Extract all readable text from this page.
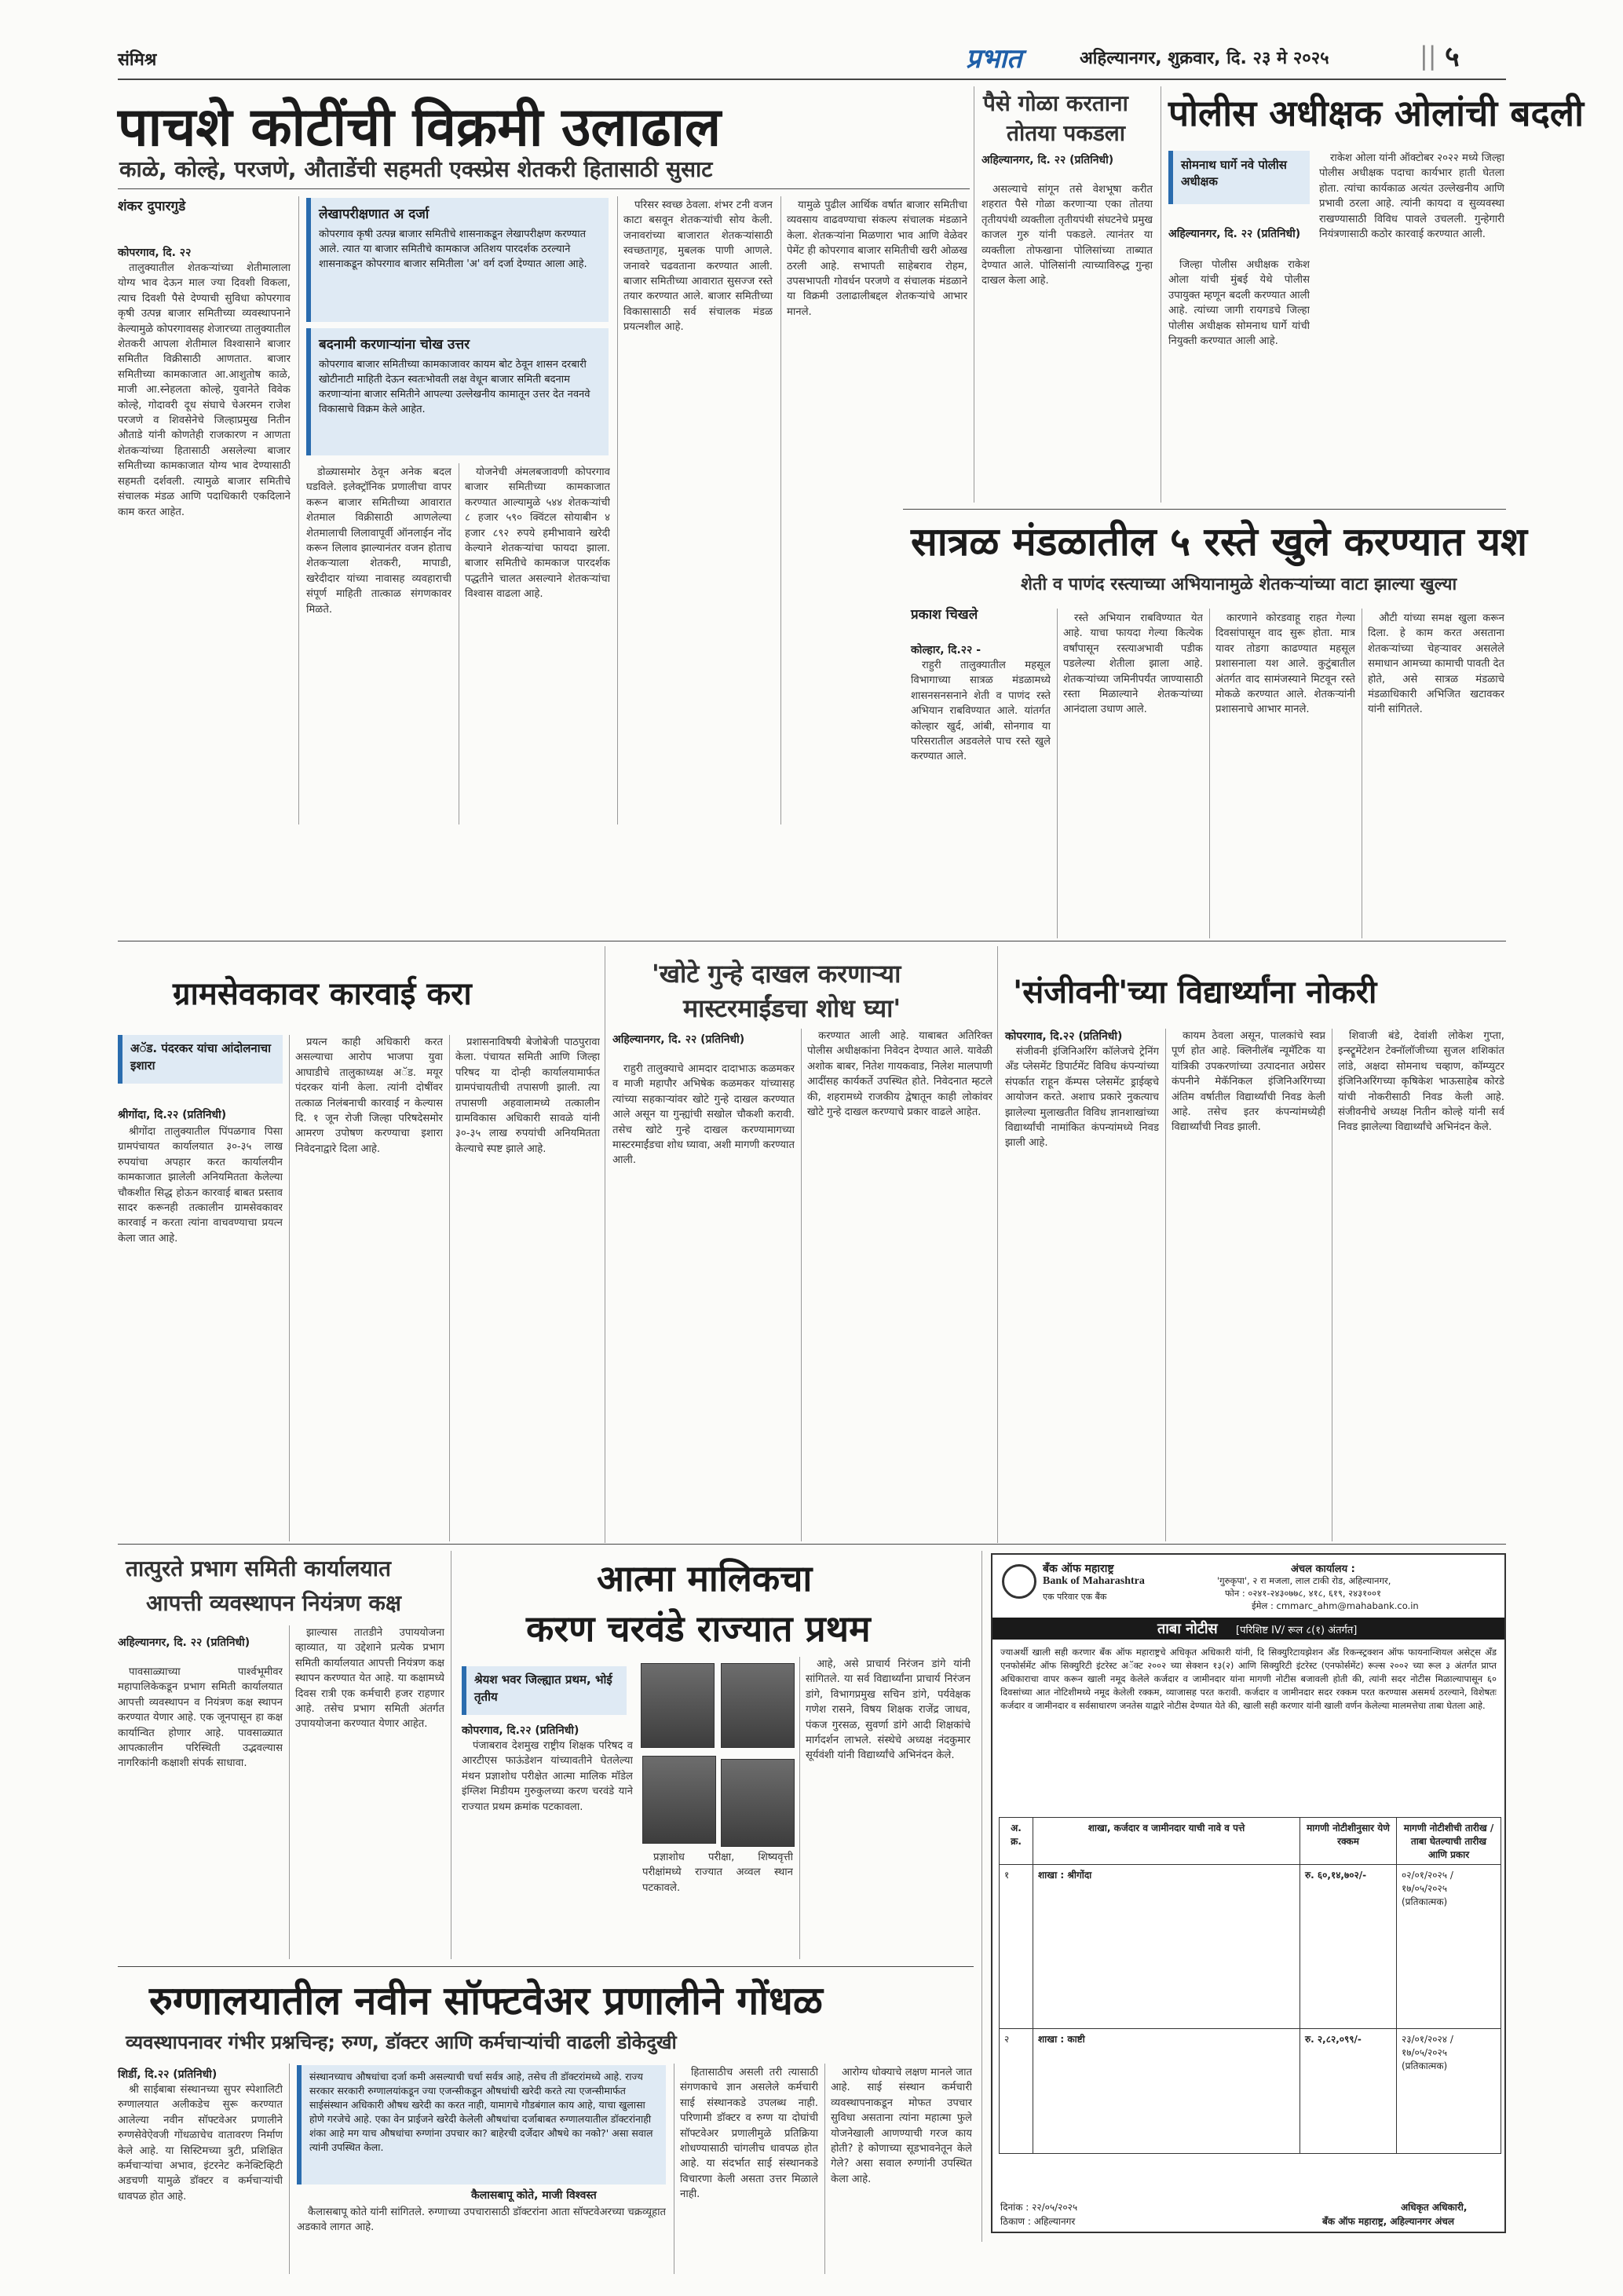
संमिश्र	प्रभात	अहिल्यानगर, शुक्रवार, दि. २३ मे २०२५	|| ५
पाचशे कोटींची विक्रमी उलाढाल
काळे, कोल्हे, परजणे, औताडेंची सहमती एक्स्प्रेस शेतकरी हितासाठी सुसाट
शंकर दुपारगुडे
कोपरगाव, दि. २२

तालुक्यातील शेतकऱ्यांच्या शेतीमालाला योग्य भाव देऊन माल ज्या दिवशी विकला, त्याच दिवशी पैसे देण्याची सुविधा कोपरगाव कृषी उत्पन्न बाजार समितीच्या व्यवस्थापनाने केल्यामुळे कोपरगावसह शेजारच्या तालुक्यातील शेतकरी आपला शेतीमाल विश्वासाने बाजार समितीत विक्रीसाठी आणतात. बाजार समितीच्या कामकाजात आ.आशुतोष काळे, माजी आ.स्नेहलता कोल्हे, युवानेते विवेक कोल्हे, गोदावरी दूध संघाचे चेअरमन राजेश परजणे व शिवसेनेचे जिल्हाप्रमुख नितीन औताडे यांनी कोणतेही राजकारण न आणता शेतकऱ्यांच्या हितासाठी असलेल्या बाजार समितीच्या कामकाजात योग्य भाव देण्यासाठी सहमती दर्शवली. त्यामुळे बाजार समितीचे संचालक मंडळ आणि पदाधिकारी एकदिलाने काम करत आहेत.

लेखापरीक्षणात अ दर्जा
कोपरगाव कृषी उत्पन्न बाजार समितीचे शासनाकडून लेखापरीक्षण करण्यात आले. त्यात या बाजार समितीचे कामकाज अतिशय पारदर्शक ठरल्याने शासनाकडून कोपरगाव बाजार समितीला 'अ' वर्ग दर्जा देण्यात आला आहे.
बदनामी करणाऱ्यांना चोख उत्तर
कोपरगाव बाजार समितीच्या कामकाजावर कायम बोट ठेवून शासन दरबारी खोटीनाटी माहिती देऊन स्वतःभोवती लक्ष वेधून बाजार समिती बदनाम करणाऱ्यांना बाजार समितीने आपल्या उल्लेखनीय कामातून उत्तर देत नवनवे विकासाचे विक्रम केले आहेत.

डोळ्यासमोर ठेवून अनेक बदल घडविले. इलेक्ट्रॉनिक प्रणालीचा वापर करून बाजार समितीच्या आवारात शेतमाल विक्रीसाठी आणलेल्या शेतमालाची लिलावापूर्वी ऑनलाईन नोंद करून लिलाव झाल्यानंतर वजन होताच शेतकऱ्याला शेतकरी, मापाडी, खरेदीदार यांच्या नावासह व्यवहाराची संपूर्ण माहिती तात्काळ संगणकावर मिळते.

योजनेची अंमलबजावणी कोपरगाव बाजार समितीच्या कामकाजात करण्यात आल्यामुळे ५४४ शेतकऱ्यांची ८ हजार ५९० क्विंटल सोयाबीन ४ हजार ८९२ रुपये हमीभावाने खरेदी केल्याने शेतकऱ्यांचा फायदा झाला. बाजार समितीचे कामकाज पारदर्शक पद्धतीने चालत असल्याने शेतकऱ्यांचा विश्वास वाढला आहे.

परिसर स्वच्छ ठेवला. शंभर टनी वजन काटा बसवून शेतकऱ्यांची सोय केली. जनावरांच्या बाजारात शेतकऱ्यांसाठी स्वच्छतागृह, मुबलक पाणी आणले. जनावरे चढवताना करण्यात आली. बाजार समितीच्या आवारात सुसज्ज रस्ते तयार करण्यात आले. बाजार समितीच्या विकासासाठी सर्व संचालक मंडळ प्रयत्नशील आहे.

यामुळे पुढील आर्थिक वर्षात बाजार समितीचा व्यवसाय वाढवण्याचा संकल्प संचालक मंडळाने केला. शेतकऱ्यांना मिळणारा भाव आणि वेळेवर पेमेंट ही कोपरगाव बाजार समितीची खरी ओळख ठरली आहे. सभापती साहेबराव रोहम, उपसभापती गोवर्धन परजणे व संचालक मंडळाने या विक्रमी उलाढालीबद्दल शेतकऱ्यांचे आभार मानले.

पैसे गोळा करताना
तोतया पकडला
अहिल्यानगर, दि. २२ (प्रतिनिधी)

असल्याचे सांगून तसे वेशभूषा करीत शहरात पैसे गोळा करणाऱ्या एका तोतया तृतीयपंथी व्यक्तीला तृतीयपंथी संघटनेचे प्रमुख काजल गुरु यांनी पकडले. त्यानंतर या व्यक्तीला तोफखाना पोलिसांच्या ताब्यात देण्यात आले. पोलिसांनी त्याच्याविरुद्ध गुन्हा दाखल केला आहे.

पोलीस अधीक्षक ओलांची बदली
सोमनाथ घार्गे नवे पोलीस अधीक्षक
अहिल्यानगर, दि. २२ (प्रतिनिधी)

जिल्हा पोलीस अधीक्षक राकेश ओला यांची मुंबई येथे पोलीस उपायुक्त म्हणून बदली करण्यात आली आहे. त्यांच्या जागी रायगडचे जिल्हा पोलीस अधीक्षक सोमनाथ घार्गे यांची नियुक्ती करण्यात आली आहे.

राकेश ओला यांनी ऑक्टोबर २०२२ मध्ये जिल्हा पोलीस अधीक्षक पदाचा कार्यभार हाती घेतला होता. त्यांचा कार्यकाळ अत्यंत उल्लेखनीय आणि प्रभावी ठरला आहे. त्यांनी कायदा व सुव्यवस्था राखण्यासाठी विविध पावले उचलली. गुन्हेगारी नियंत्रणासाठी कठोर कारवाई करण्यात आली.

सात्रळ मंडळातील ५ रस्ते खुले करण्यात यश
शेती व पाणंद रस्त्याच्या अभियानामुळे शेतकऱ्यांच्या वाटा झाल्या खुल्या
प्रकाश चिखले
कोल्हार, दि.२२ -

राहुरी तालुक्यातील महसूल विभागाच्या सात्रळ मंडळामध्ये शासनसनसनाने शेती व पाणंद रस्ते अभियान राबविण्यात आले. यांतर्गत कोल्हार खुर्द, आंबी, सोनगाव या परिसरातील अडवलेले पाच रस्ते खुले करण्यात आले.

रस्ते अभियान राबविण्यात येत आहे. याचा फायदा गेल्या कित्येक वर्षांपासून रस्त्याअभावी पडीक पडलेल्या शेतीला झाला आहे. शेतकऱ्यांच्या जमिनीपर्यंत जाण्यासाठी रस्ता मिळाल्याने शेतकऱ्यांच्या आनंदाला उधाण आले.

कारणाने कोरडवाहू राहत गेल्या दिवसांपासून वाद सुरू होता. मात्र यावर तोडगा काढण्यात महसूल प्रशासनाला यश आले. कुटुंबातील अंतर्गत वाद सामंजस्याने मिटवून रस्ते मोकळे करण्यात आले. शेतकऱ्यांनी प्रशासनाचे आभार मानले.

औटी यांच्या समक्ष खुला करून दिला. हे काम करत असताना शेतकऱ्यांच्या चेहऱ्यावर असलेले समाधान आमच्या कामाची पावती देत होते, असे सात्रळ मंडळाचे मंडळाधिकारी अभिजित खटावकर यांनी सांगितले.

ग्रामसेवकावर कारवाई करा
'खोटे गुन्हे दाखल करणाऱ्या
मास्टरमाईंडचा शोध घ्या'	'संजीवनी'च्या विद्यार्थ्यांना नोकरी
अॅड. पंदरकर यांचा आंदोलनाचा इशारा
श्रीगोंदा, दि.२२ (प्रतिनिधी)

श्रीगोंदा तालुक्यातील पिंपळगाव पिसा ग्रामपंचायत कार्यालयात ३०-३५ लाख रुपयांचा अपहार करत कार्यालयीन कामकाजात झालेली अनियमितता केलेल्या चौकशीत सिद्ध होऊन कारवाई बाबत प्रस्ताव सादर करूनही तत्कालीन ग्रामसेवकावर कारवाई न करता त्यांना वाचवण्याचा प्रयत्न केला जात आहे.

प्रयत्न काही अधिकारी करत असल्याचा आरोप भाजपा युवा आघाडीचे तालुकाध्यक्ष अॅड. मयूर पंदरकर यांनी केला. त्यांनी दोषींवर तत्काळ निलंबनाची कारवाई न केल्यास दि. १ जून रोजी जिल्हा परिषदेसमोर आमरण उपोषण करण्याचा इशारा निवेदनाद्वारे दिला आहे.

प्रशासनाविषयी बेजोबेजी पाठपुरावा केला. पंचायत समिती आणि जिल्हा परिषद या दोन्ही कार्यालयामार्फत ग्रामपंचायतीची तपासणी झाली. त्या तपासणी अहवालामध्ये तत्कालीन ग्रामविकास अधिकारी सावळे यांनी ३०-३५ लाख रुपयांची अनियमितता केल्याचे स्पष्ट झाले आहे.

अहिल्यानगर, दि. २२ (प्रतिनिधी)

राहुरी तालुक्याचे आमदार दादाभाऊ कळमकर व माजी महापौर अभिषेक कळमकर यांच्यासह त्यांच्या सहकाऱ्यांवर खोटे गुन्हे दाखल करण्यात आले असून या गुन्ह्यांची सखोल चौकशी करावी. तसेच खोटे गुन्हे दाखल करण्यामागच्या मास्टरमाईंडचा शोध घ्यावा, अशी मागणी करण्यात आली.

करण्यात आली आहे. याबाबत अतिरिक्त पोलीस अधीक्षकांना निवेदन देण्यात आले. यावेळी अशोक बाबर, नितेश गायकवाड, निलेश मालपाणी आदींसह कार्यकर्ते उपस्थित होते. निवेदनात म्हटले की, शहरामध्ये राजकीय द्वेषातून काही लोकांवर खोटे गुन्हे दाखल करण्याचे प्रकार वाढले आहेत.

कोपरगाव, दि.२२ (प्रतिनिधी)

संजीवनी इंजिनिअरिंग कॉलेजचे ट्रेनिंग अँड प्लेसमेंट डिपार्टमेंट विविध कंपन्यांच्या संपर्कात राहून कॅम्पस प्लेसमेंट ड्राईव्हचे आयोजन करते. अशाच प्रकारे नुकत्याच झालेल्या मुलाखतीत विविध ज्ञानशाखांच्या विद्यार्थ्यांची नामांकित कंपन्यांमध्ये निवड झाली आहे.

कायम ठेवला असून, पालकांचे स्वप्न पूर्ण होत आहे. क्लिनीलॅब न्यूमॅटिक या यांत्रिकी उपकरणांच्या उत्पादनात अग्रेसर कंपनीने मेकॅनिकल इंजिनिअरिंगच्या अंतिम वर्षातील विद्यार्थ्यांची निवड केली आहे. तसेच इतर कंपन्यांमध्येही विद्यार्थ्यांची निवड झाली.

शिवाजी बंडे, देवांशी लोकेश गुप्ता, इन्स्ट्रूमेंटेशन टेक्नॉलॉजीच्या सुजल शशिकांत लांडे, अक्षदा सोमनाथ चव्हाण, कॉम्प्युटर इंजिनिअरिंगच्या कृषिकेश भाऊसाहेब कोरडे यांची नोकरीसाठी निवड केली आहे. संजीवनीचे अध्यक्ष नितीन कोल्हे यांनी सर्व निवड झालेल्या विद्यार्थ्यांचे अभिनंदन केले.

तात्पुरते प्रभाग समिती कार्यालयात
आपत्ती व्यवस्थापन नियंत्रण कक्ष
अहिल्यानगर, दि. २२ (प्रतिनिधी)

पावसाळ्याच्या पार्श्वभूमीवर महापालिकेकडून प्रभाग समिती कार्यालयात आपत्ती व्यवस्थापन व नियंत्रण कक्ष स्थापन करण्यात येणार आहे. एक जूनपासून हा कक्ष कार्यान्वित होणार आहे. पावसाळ्यात आपत्कालीन परिस्थिती उद्भवल्यास नागरिकांनी कक्षाशी संपर्क साधावा.

झाल्यास तातडीने उपाययोजना व्हाव्यात, या उद्देशाने प्रत्येक प्रभाग समिती कार्यालयात आपत्ती नियंत्रण कक्ष स्थापन करण्यात येत आहे. या कक्षामध्ये दिवस रात्री एक कर्मचारी हजर राहणार आहे. तसेच प्रभाग समिती अंतर्गत उपाययोजना करण्यात येणार आहेत.

आत्मा मालिकचा
करण चरवंडे राज्यात प्रथम
श्रेयश भवर जिल्ह्यात प्रथम, भोई तृतीय
कोपरगाव, दि.२२ (प्रतिनिधी)

पंजाबराव देशमुख राष्ट्रीय शिक्षक परिषद व आरटीएस फाऊंडेशन यांच्यावतीने घेतलेल्या मंथन प्रज्ञाशोध परीक्षेत आत्मा मालिक मॉडेल इंग्लिश मिडीयम गुरुकुलच्या करण चरवंडे याने राज्यात प्रथम क्रमांक पटकावला.

प्रज्ञाशोध परीक्षा, शिष्यवृत्ती परीक्षांमध्ये राज्यात अव्वल स्थान पटकावले.

आहे, असे प्राचार्य निरंजन डांगे यांनी सांगितले. या सर्व विद्यार्थ्यांना प्राचार्य निरंजन डांगे, विभागप्रमुख सचिन डांगे, पर्यवेक्षक गणेश रासने, विषय शिक्षक राजेंद्र जाधव, पंकज गुरसळ, सुवर्णा डांगे आदी शिक्षकांचे मार्गदर्शन लाभले. संस्थेचे अध्यक्ष नंदकुमार सूर्यवंशी यांनी विद्यार्थ्यांचे अभिनंदन केले.

बँक ऑफ महाराष्ट्र
Bank of Maharashtra
एक परिवार एक बैंक
अंचल कार्यालय :
'गुरुकृपा', २ रा मजला, लाल टाकी रोड, अहिल्यानगर,
फोन : ०२४१-२४३०७७८, ४१८, ६१९, २४३१००१
ईमेल : cmmarc_ahm@mahabank.co.in
ताबा नोटीस [परिशिष्ट IV/ रूल ८(१) अंतर्गत]
ज्याअर्थी खाली सही करणार बँक ऑफ महाराष्ट्रचे अधिकृत अधिकारी यांनी, दि सिक्युरिटायझेशन अँड रिकन्स्ट्रक्शन ऑफ फायनान्शियल असेट्स अँड एनफोर्समेंट ऑफ सिक्युरिटी इंटरेस्ट अॅक्ट २००२ च्या सेक्शन १३(२) आणि सिक्युरिटी इंटरेस्ट (एनफोर्समेंट) रूल्स २००२ च्या रूल ३ अंतर्गत प्राप्त अधिकाराचा वापर करून खाली नमूद केलेले कर्जदार व जामीनदार यांना मागणी नोटीस बजावली होती की, त्यांनी सदर नोटीस मिळाल्यापासून ६० दिवसांच्या आत नोटिशीमध्ये नमूद केलेली रक्कम, व्याजासह परत करावी. कर्जदार व जामीनदार सदर रक्कम परत करण्यास असमर्थ ठरल्याने, विशेषतः कर्जदार व जामीनदार व सर्वसाधारण जनतेस याद्वारे नोटीस देण्यात येते की, खाली सही करणार यांनी खाली वर्णन केलेल्या मालमत्तेचा ताबा घेतला आहे.
अ. क्र.	शाखा, कर्जदार व जामीनदार याची नावे व पत्ते	मागणी नोटीशीनुसार येणे रक्कम	मागणी नोटीशीची तारीख / ताबा घेतल्याची तारीख आणि प्रकार
१	शाखा : श्रीगोंदा	रु. ६०,१४,७०२/-	०२/०१/२०२५ / १७/०५/२०२५ (प्रतिकात्मक)
२	शाखा : काष्टी	रु. २,८२,०९९/-	२३/०१/२०२४ / १७/०५/२०२५ (प्रतिकात्मक)
दिनांक : २२/०५/२०२५
ठिकाण : अहिल्यानगर
अधिकृत अधिकारी,
बँक ऑफ महाराष्ट्र, अहिल्यानगर अंचल
रुग्णालयातील नवीन सॉफ्टवेअर प्रणालीने गोंधळ
व्यवस्थापनावर गंभीर प्रश्नचिन्ह; रुग्ण, डॉक्टर आणि कर्मचाऱ्यांची वाढली डोकेदुखी
शिर्डी, दि.२२ (प्रतिनिधी)

श्री साईबाबा संस्थानच्या सुपर स्पेशालिटी रुग्णालयात अलीकडेच सुरू करण्यात आलेल्या नवीन सॉफ्टवेअर प्रणालीने रुग्णसेवेऐवजी गोंधळाचेच वातावरण निर्माण केले आहे. या सिस्टिमच्या त्रुटी, प्रशिक्षित कर्मचाऱ्यांचा अभाव, इंटरनेट कनेक्टिव्हिटी अडचणी यामुळे डॉक्टर व कर्मचाऱ्यांची धावपळ होत आहे.

संस्थानच्याच औषधांचा दर्जा कमी असल्याची चर्चा सर्वत्र आहे, तसेच ती डॉक्टरांमध्ये आहे. राज्य सरकार सरकारी रुग्णालयांकडून ज्या एजन्सीकडून औषधांची खरेदी करते त्या एजन्सीमार्फत साईसंस्थान अधिकारी औषध खरेदी का करत नाही, यामागचे गौडबंगाल काय आहे, याचा खुलासा होणे गरजेचे आहे. एका वेन प्राईजने खरेदी केलेली औषधांचा दर्जाबाबत रुग्णालयातील डॉक्टरांनाही शंका आहे मग याच औषधांचा रुग्णांना उपचार का? बाहेरची दर्जेदार औषधे का नको?' असा सवाल त्यांनी उपस्थित केला.
कैलासबापू कोते, माजी विश्वस्त

कैलासबापू कोते यांनी सांगितले. रुग्णाच्या उपचारासाठी डॉक्टरांना आता सॉफ्टवेअरच्या चक्रव्यूहात अडकावे लागत आहे.

हितासाठीच असली तरी त्यासाठी संगणकाचे ज्ञान असलेले कर्मचारी साई संस्थानकडे उपलब्ध नाही. परिणामी डॉक्टर व रुग्ण या दोघांची सॉफ्टवेअर प्रणालीमुळे प्रतिक्रिया शोधण्यासाठी चांगलीच धावपळ होत आहे. या संदर्भात साई संस्थानकडे विचारणा केली असता उत्तर मिळाले नाही.

आरोग्य धोक्याचे लक्षण मानले जात आहे. साई संस्थान कर्मचारी व्यवस्थापनाकडून मोफत उपचार सुविधा असताना त्यांना महात्मा फुले योजनेखाली आणण्याची गरज काय होती? हे कोणाच्या सूडभावनेतून केले गेले? असा सवाल रुग्णांनी उपस्थित केला आहे.
